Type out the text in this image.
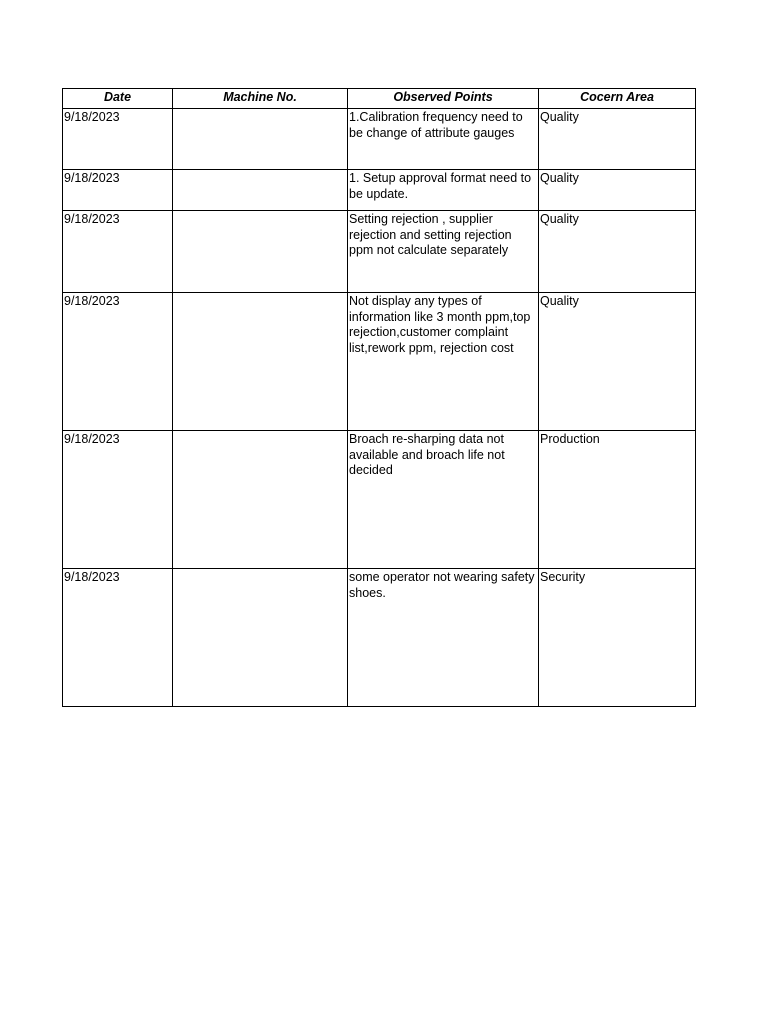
Date	Machine No.	Observed Points	Cocern Area
9/18/2023		1.Calibration frequency need to be change of attribute gauges	Quality
9/18/2023		1. Setup approval format need to be update.	Quality
9/18/2023		Setting rejection , supplier rejection and setting rejection ppm not calculate separately	Quality
9/18/2023		Not display any types of information like 3 month ppm,top rejection,customer complaint list,rework ppm, rejection cost	Quality
9/18/2023		Broach re-sharping data not available and broach life not decided	Production
9/18/2023		some operator not wearing safety shoes.	Security
